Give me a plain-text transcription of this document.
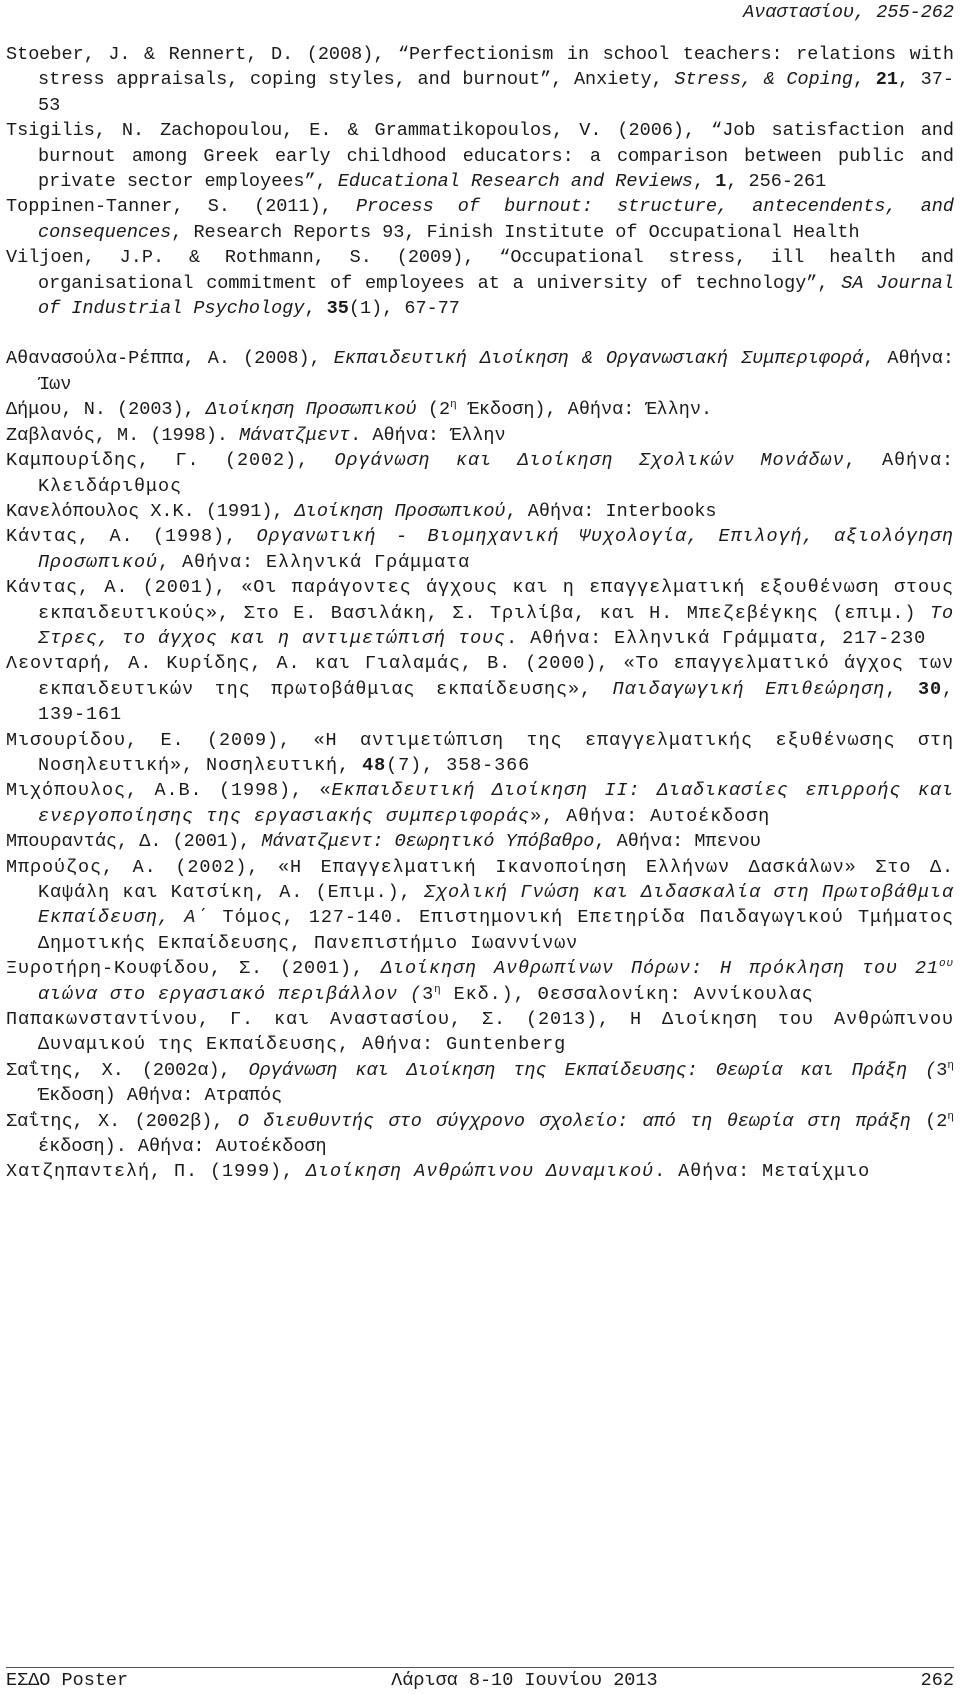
Αναστασίου, 255-262
Stoeber, J. & Rennert, D. (2008), “Perfectionism in school teachers: relations with stress appraisals, coping styles, and burnout”, Anxiety, Stress, & Coping, 21, 37-53
Tsigilis, N. Zachopoulou, E. & Grammatikopoulos, V. (2006), “Job satisfaction and burnout among Greek early childhood educators: a comparison between public and private sector employees”, Educational Research and Reviews, 1, 256-261
Toppinen-Tanner, S. (2011), Process of burnout: structure, antecendents, and consequences, Research Reports 93, Finish Institute of Occupational Health
Viljoen, J.P. & Rothmann, S. (2009), “Occupational stress, ill health and organisational commitment of employees at a university of technology”, SA Journal of Industrial Psychology, 35(1), 67-77
Αθανασούλα-Ρέππα, Α. (2008), Εκπαιδευτική Διοίκηση & Οργανωσιακή Συμπεριφορά, Αθήνα: Ίων
Δήμου, Ν. (2003), Διοίκηση Προσωπικού ($2^\eta$ Έκδοση), Αθήνα: Έλλην.
Ζαβλανός, Μ. (1998). Μάνατζμεντ. Αθήνα: Έλλην
Καμπουρίδης, Γ. (2002), Οργάνωση και Διοίκηση Σχολικών Μονάδων, Αθήνα: Κλειδάριθμος
Κανελόπουλος Χ.Κ. (1991), Διοίκηση Προσωπικού, Αθήνα: Interbooks
Κάντας, Α. (1998), Οργανωτική - Βιομηχανική Ψυχολογία, Επιλογή, αξιολόγηση Προσωπικού, Αθήνα: Ελληνικά Γράμματα
Κάντας, Α. (2001), «Οι παράγοντες άγχους και η επαγγελματική εξουθένωση στους εκπαιδευτικούς», Στο Ε. Βασιλάκη, Σ. Τριλίβα, και Η. Μπεζεβέγκης (επιμ.) Το Στρες, το άγχος και η αντιμετώπισή τους. Αθήνα: Ελληνικά Γράμματα, 217-230
Λεονταρή, Α. Κυρίδης, Α. και Γιαλαμάς, Β. (2000), «Το επαγγελματικό άγχος των εκπαιδευτικών της πρωτοβάθμιας εκπαίδευσης», Παιδαγωγική Επιθεώρηση, 30, 139-161
Μισουρίδου, Ε. (2009), «Η αντιμετώπιση της επαγγελματικής εξυθένωσης στη Νοσηλευτική», Νοσηλευτική, 48(7), 358-366
Μιχόπουλος, Α.Β. (1998), «Εκπαιδευτική Διοίκηση ΙΙ: Διαδικασίες επιρροής και ενεργοποίησης της εργασιακής συμπεριφοράς», Αθήνα: Αυτοέκδοση
Μπουραντάς, Δ. (2001), Μάνατζμεντ: Θεωρητικό Υπόβαθρο, Αθήνα: Μπενου
Μπρούζος, Α. (2002), «Η Επαγγελματική Ικανοποίηση Ελλήνων Δασκάλων» Στο Δ. Καψάλη και Κατσίκη, Α. (Επιμ.), Σχολική Γνώση και Διδασκαλία στη Πρωτοβάθμια Εκπαίδευση, Α΄ Τόμος, 127-140. Επιστημονική Επετηρίδα Παιδαγωγικού Τμήματος Δημοτικής Εκπαίδευσης, Πανεπιστήμιο Ιωαννίνων
Ξυροτήρη-Κουφίδου, Σ. (2001), Διοίκηση Ανθρωπίνων Πόρων: Η πρόκληση του $21^{o\upsilon}$ αιώνα στο εργασιακό περιβάλλον ($3^\eta$ Εκδ.), Θεσσαλονίκη: Αννίκουλας
Παπακωνσταντίνου, Γ. και Αναστασίου, Σ. (2013), Η Διοίκηση του Ανθρώπινου Δυναμικού της Εκπαίδευσης, Αθήνα: Guntenberg
Σαΐτης, Χ. (2002α), Οργάνωση και Διοίκηση της Εκπαίδευσης: Θεωρία και Πράξη ($3^\eta$ Έκδοση) Αθήνα: Ατραπός
Σαΐτης, Χ. (2002β), Ο διευθυντής στο σύγχρονο σχολείο: από τη θεωρία στη πράξη ($2^\eta$ έκδοση). Αθήνα: Αυτοέκδοση
Χατζηπαντελή, Π. (1999), Διοίκηση Ανθρώπινου Δυναμικού. Αθήνα: Μεταίχμιο
ΕΣΔΟ Poster	Λάρισα 8-10 Ιουνίου 2013	262
